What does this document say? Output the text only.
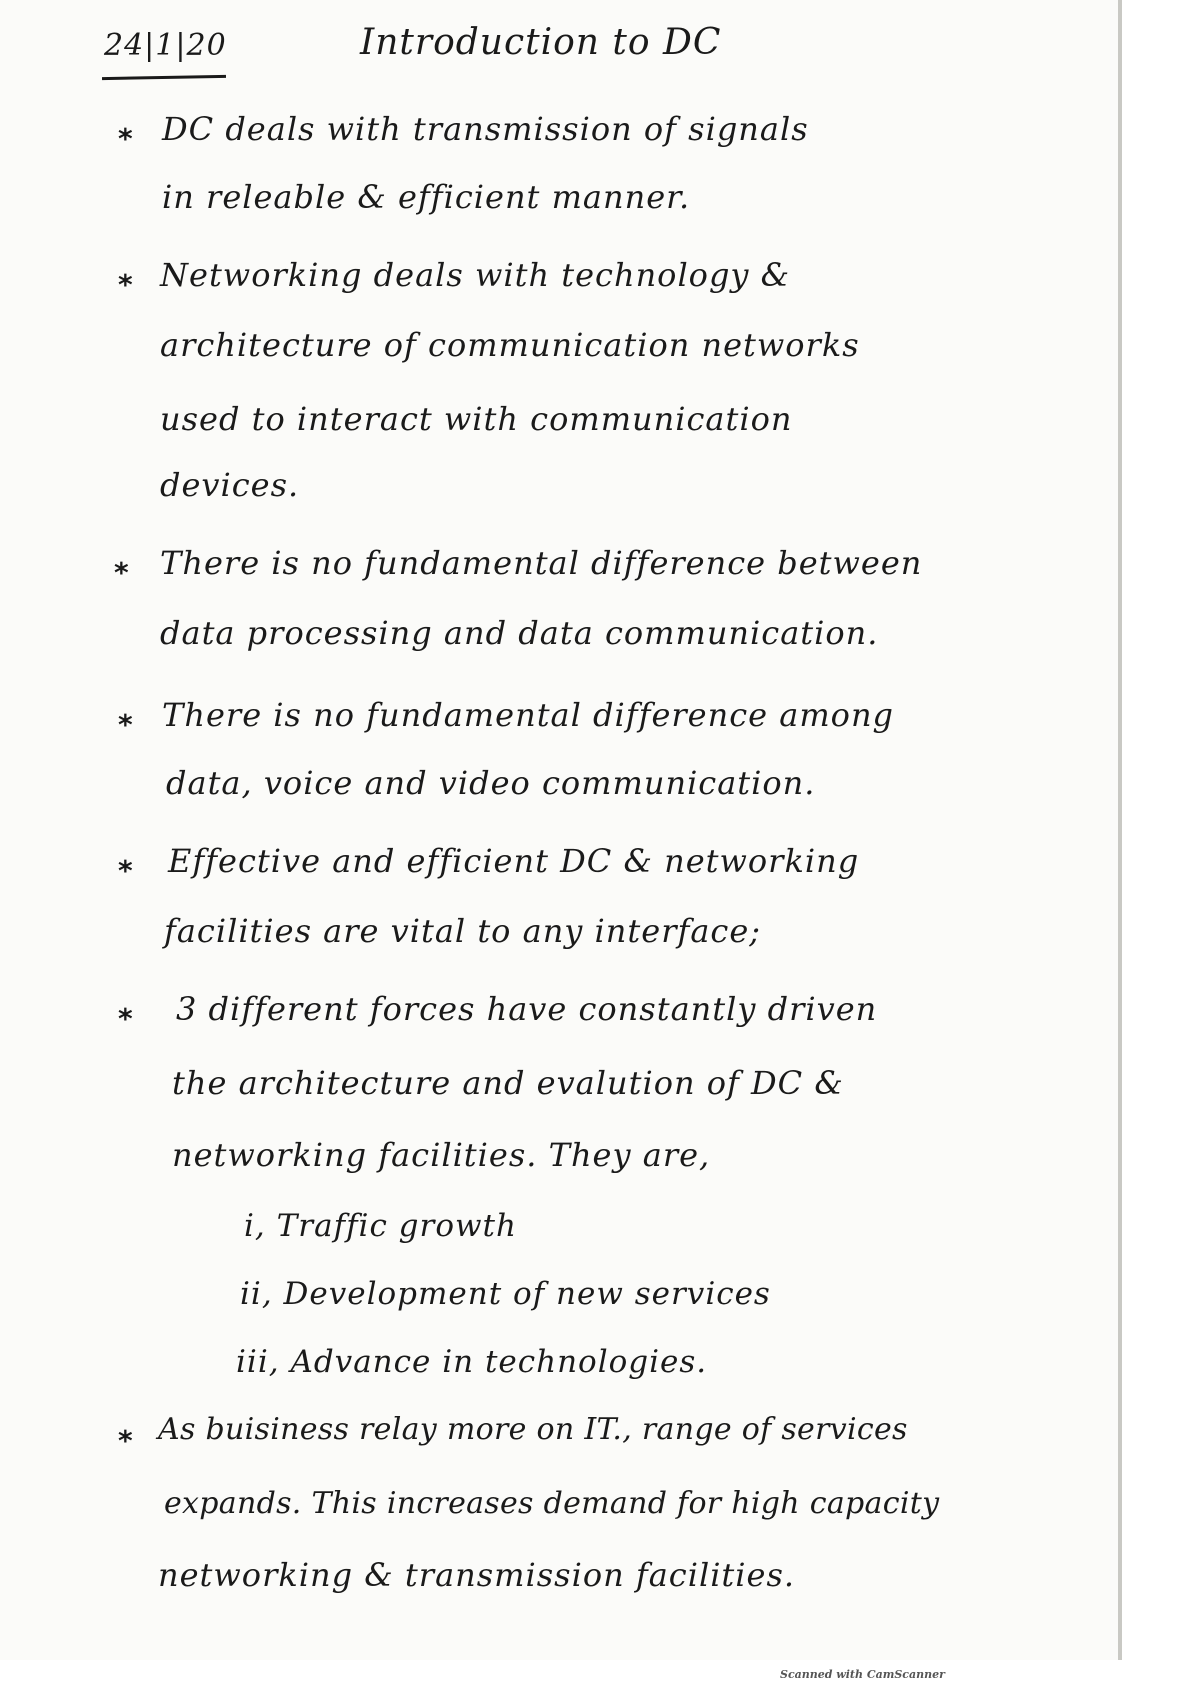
24|1|20	Introduction to DC
* DC deals with transmission of signals
in releable & efficient manner.
* Networking deals with technology &
architecture of communication networks
used to interact with communication
devices.
* There is no fundamental difference between
data processing and data communication.
* There is no fundamental difference among
data, voice and video communication.
* Effective and efficient DC & networking
facilities are vital to any interface;
* 3 different forces have constantly driven
the architecture and evalution of DC &
networking facilities. They are,
i, Traffic growth
ii, Development of new services
iii, Advance in technologies.
* As buisiness relay more on IT., range of services
expands. This increases demand for high capacity
networking & transmission facilities.
Scanned with CamScanner
